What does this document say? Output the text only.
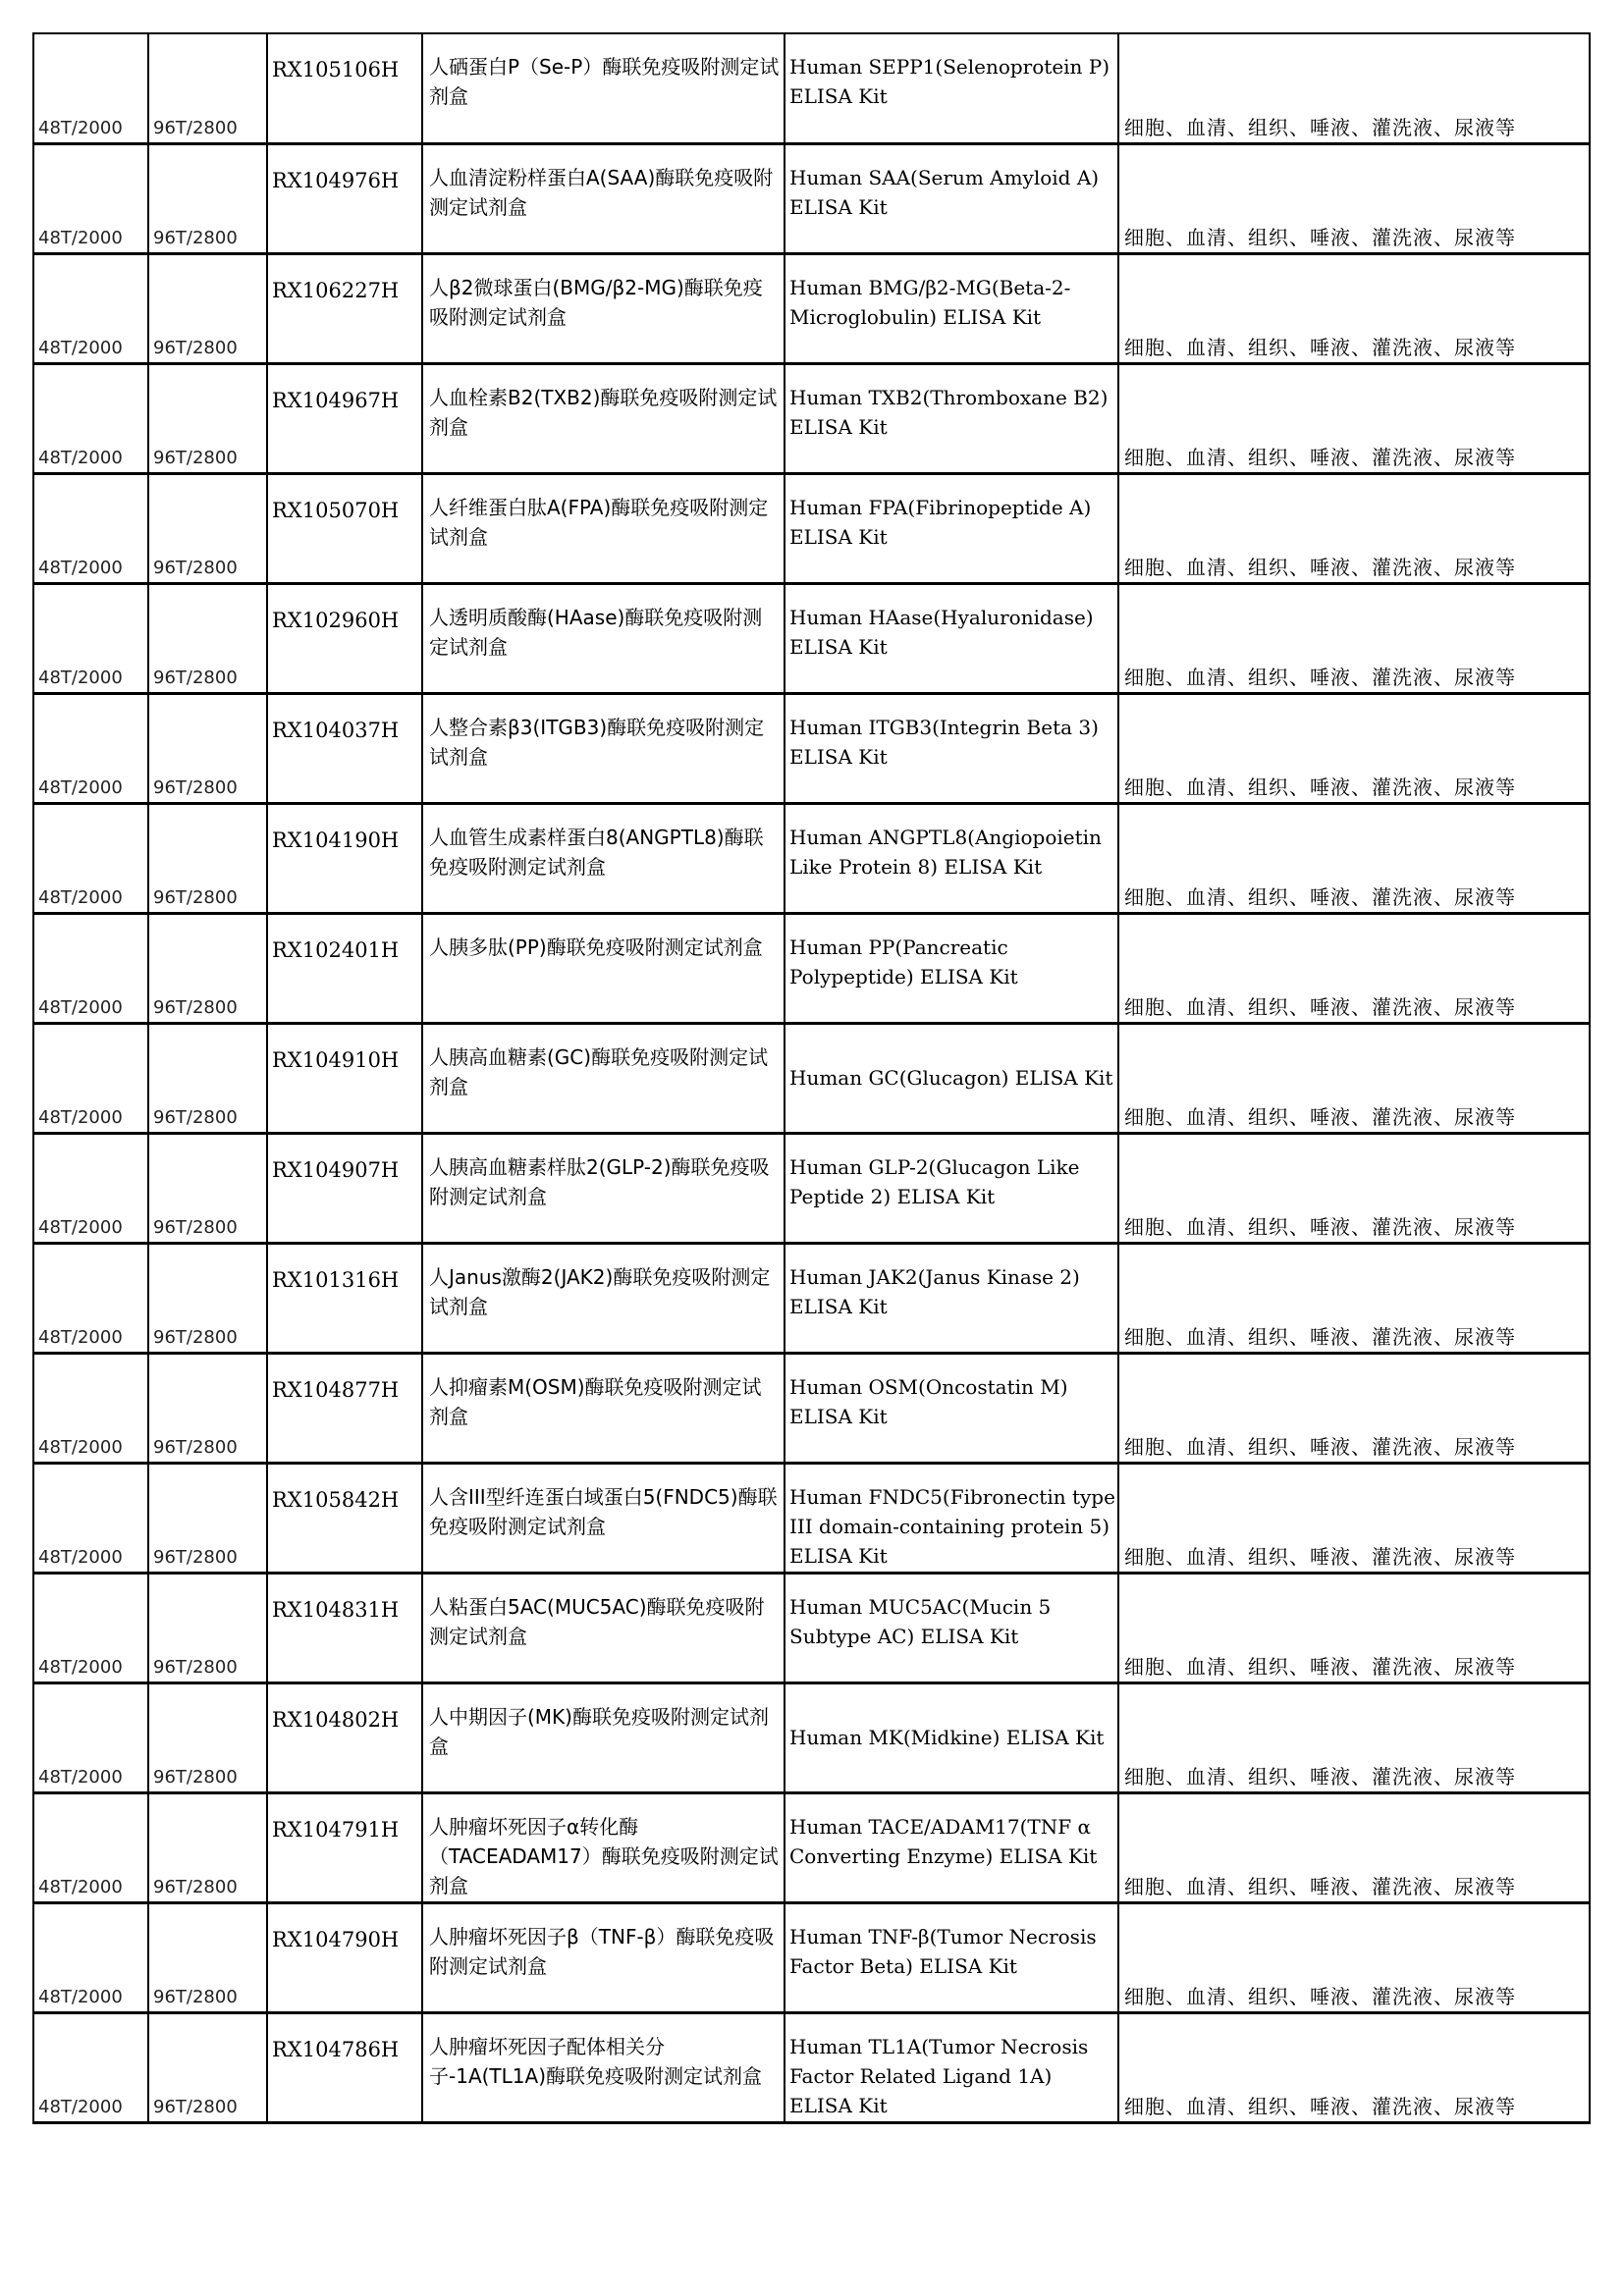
48T/2000	96T/2800	RX105106H	人硒蛋白P（Se-P）酶联免疫吸附测定试剂盒	Human SEPP1(Selenoprotein P) ELISA Kit	细胞、血清、组织、唾液、灌洗液、尿液等
48T/2000	96T/2800	RX104976H	人血清淀粉样蛋白A(SAA)酶联免疫吸附测定试剂盒	Human SAA(Serum Amyloid A) ELISA Kit	细胞、血清、组织、唾液、灌洗液、尿液等
48T/2000	96T/2800	RX106227H	人β2微球蛋白(BMG/β2-MG)酶联免疫吸附测定试剂盒	Human BMG/β2-MG(Beta-2-Microglobulin) ELISA Kit	细胞、血清、组织、唾液、灌洗液、尿液等
48T/2000	96T/2800	RX104967H	人血栓素B2(TXB2)酶联免疫吸附测定试剂盒	Human TXB2(Thromboxane B2) ELISA Kit	细胞、血清、组织、唾液、灌洗液、尿液等
48T/2000	96T/2800	RX105070H	人纤维蛋白肽A(FPA)酶联免疫吸附测定试剂盒	Human FPA(Fibrinopeptide A) ELISA Kit	细胞、血清、组织、唾液、灌洗液、尿液等
48T/2000	96T/2800	RX102960H	人透明质酸酶(HAase)酶联免疫吸附测定试剂盒	Human HAase(Hyaluronidase) ELISA Kit	细胞、血清、组织、唾液、灌洗液、尿液等
48T/2000	96T/2800	RX104037H	人整合素β3(ITGB3)酶联免疫吸附测定试剂盒	Human ITGB3(Integrin Beta 3) ELISA Kit	细胞、血清、组织、唾液、灌洗液、尿液等
48T/2000	96T/2800	RX104190H	人血管生成素样蛋白8(ANGPTL8)酶联免疫吸附测定试剂盒	Human ANGPTL8(Angiopoietin Like Protein 8) ELISA Kit	细胞、血清、组织、唾液、灌洗液、尿液等
48T/2000	96T/2800	RX102401H	人胰多肽(PP)酶联免疫吸附测定试剂盒	Human PP(Pancreatic Polypeptide) ELISA Kit	细胞、血清、组织、唾液、灌洗液、尿液等
48T/2000	96T/2800	RX104910H	人胰高血糖素(GC)酶联免疫吸附测定试剂盒	Human GC(Glucagon) ELISA Kit	细胞、血清、组织、唾液、灌洗液、尿液等
48T/2000	96T/2800	RX104907H	人胰高血糖素样肽2(GLP-2)酶联免疫吸附测定试剂盒	Human GLP-2(Glucagon Like Peptide 2) ELISA Kit	细胞、血清、组织、唾液、灌洗液、尿液等
48T/2000	96T/2800	RX101316H	人Janus激酶2(JAK2)酶联免疫吸附测定试剂盒	Human JAK2(Janus Kinase 2) ELISA Kit	细胞、血清、组织、唾液、灌洗液、尿液等
48T/2000	96T/2800	RX104877H	人抑瘤素M(OSM)酶联免疫吸附测定试剂盒	Human OSM(Oncostatin M) ELISA Kit	细胞、血清、组织、唾液、灌洗液、尿液等
48T/2000	96T/2800	RX105842H	人含III型纤连蛋白域蛋白5(FNDC5)酶联免疫吸附测定试剂盒	Human FNDC5(Fibronectin type III domain-containing protein 5) ELISA Kit	细胞、血清、组织、唾液、灌洗液、尿液等
48T/2000	96T/2800	RX104831H	人粘蛋白5AC(MUC5AC)酶联免疫吸附测定试剂盒	Human MUC5AC(Mucin 5 Subtype AC) ELISA Kit	细胞、血清、组织、唾液、灌洗液、尿液等
48T/2000	96T/2800	RX104802H	人中期因子(MK)酶联免疫吸附测定试剂盒	Human MK(Midkine) ELISA Kit	细胞、血清、组织、唾液、灌洗液、尿液等
48T/2000	96T/2800	RX104791H	人肿瘤坏死因子α转化酶（TACEADAM17）酶联免疫吸附测定试剂盒	Human TACE/ADAM17(TNF α Converting Enzyme) ELISA Kit	细胞、血清、组织、唾液、灌洗液、尿液等
48T/2000	96T/2800	RX104790H	人肿瘤坏死因子β（TNF-β）酶联免疫吸附测定试剂盒	Human TNF-β(Tumor Necrosis Factor Beta) ELISA Kit	细胞、血清、组织、唾液、灌洗液、尿液等
48T/2000	96T/2800	RX104786H	人肿瘤坏死因子配体相关分子-1A(TL1A)酶联免疫吸附测定试剂盒	Human TL1A(Tumor Necrosis Factor Related Ligand 1A) ELISA Kit	细胞、血清、组织、唾液、灌洗液、尿液等
